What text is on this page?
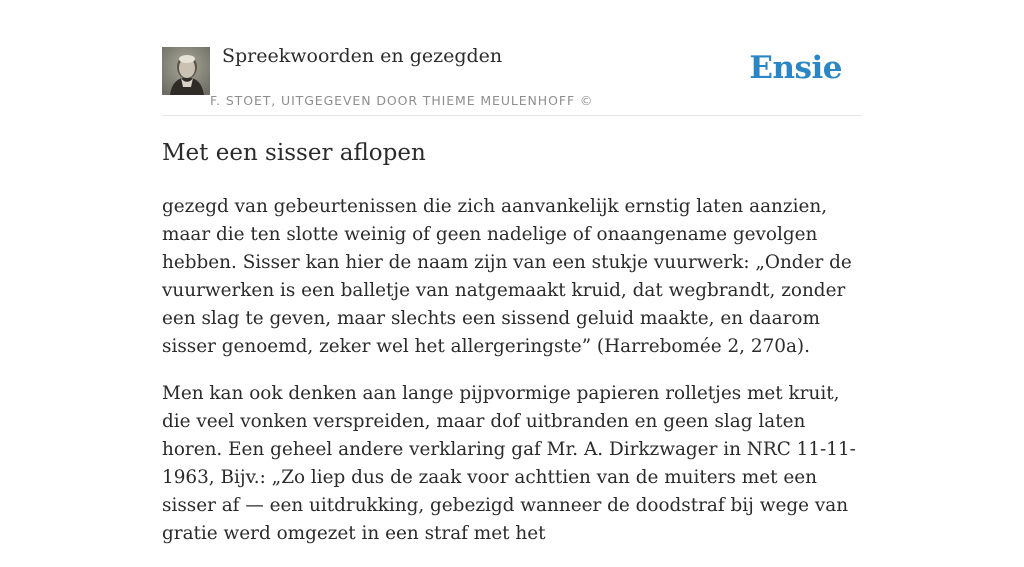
Spreekwoorden en gezegden
F. STOET, UITGEGEVEN DOOR THIEME MEULENHOFF ©
Ensie
Met een sisser aflopen

gezegd van gebeurtenissen die zich aanvankelijk ernstig laten aanzien, maar die ten slotte weinig of geen nadelige of onaangename gevolgen hebben. Sisser kan hier de naam zijn van een stukje vuurwerk: „Onder de vuurwerken is een balletje van natgemaakt kruid, dat wegbrandt, zonder een slag te geven, maar slechts een sissend geluid maakte, en daarom sisser genoemd, zeker wel het allergeringste” (Harrebomée 2, 270a).

Men kan ook denken aan lange pijpvormige papieren rolletjes met kruit, die veel vonken verspreiden, maar dof uitbranden en geen slag laten horen. Een geheel andere verklaring gaf Mr. A. Dirkzwager in NRC 11-11-1963, Bijv.: „Zo liep dus de zaak voor achttien van de muiters met een sisser af — een uitdrukking, gebezigd wanneer de doodstraf bij wege van gratie werd omgezet in een straf met het
